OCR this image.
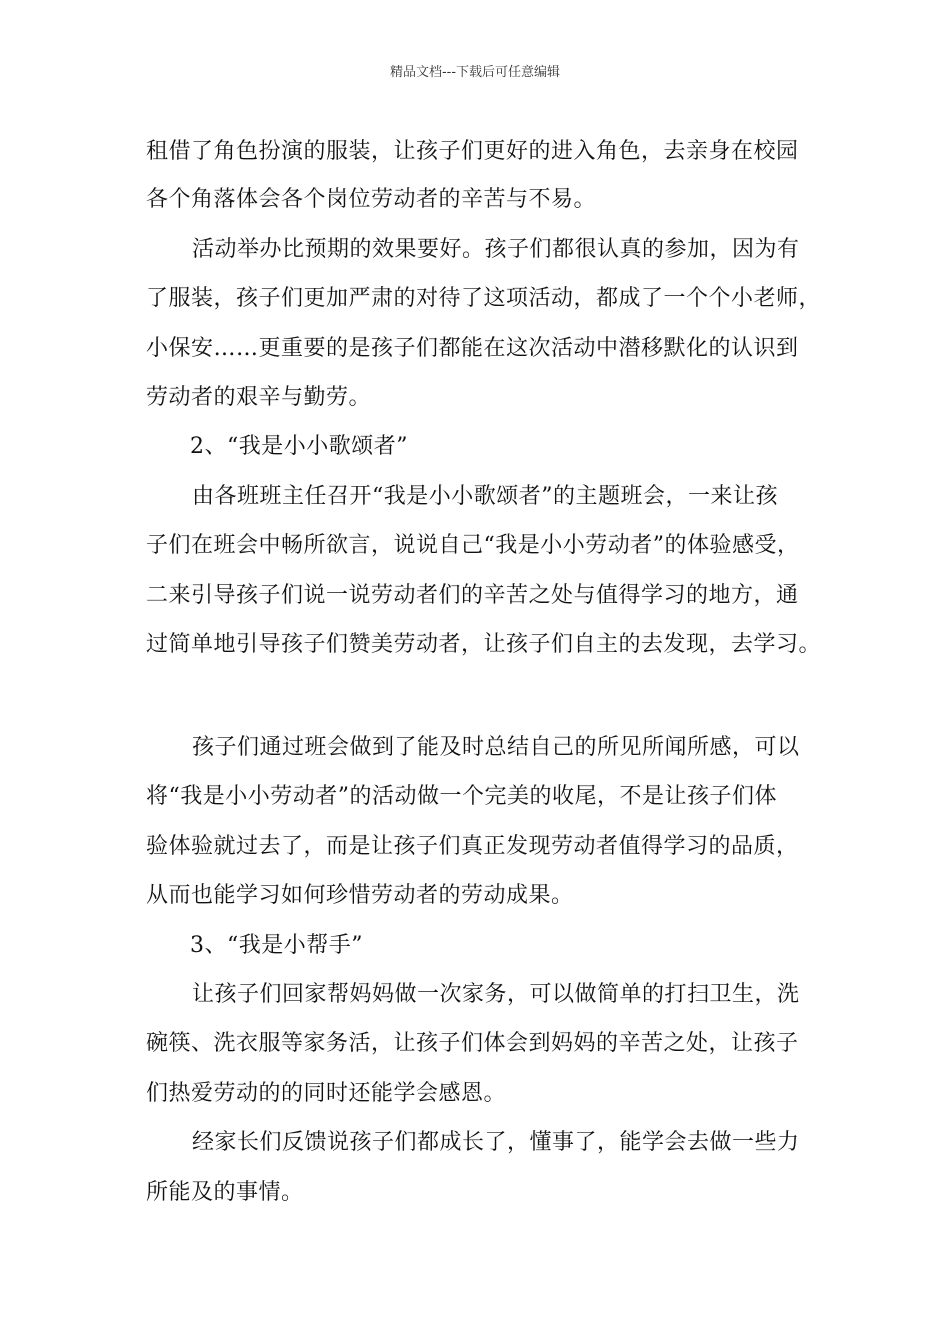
精品文档---下载后可任意编辑
租借了角色扮演的服装，让孩子们更好的进入角色，去亲身在校园
各个角落体会各个岗位劳动者的辛苦与不易。
活动举办比预期的效果要好。孩子们都很认真的参加，因为有
了服装，孩子们更加严肃的对待了这项活动，都成了一个个小老师，
小保安……更重要的是孩子们都能在这次活动中潜移默化的认识到
劳动者的艰辛与勤劳。
2、“我是小小歌颂者”
由各班班主任召开“我是小小歌颂者”的主题班会，一来让孩
子们在班会中畅所欲言，说说自己“我是小小劳动者”的体验感受，
二来引导孩子们说一说劳动者们的辛苦之处与值得学习的地方，通
过简单地引导孩子们赞美劳动者，让孩子们自主的去发现，去学习。
孩子们通过班会做到了能及时总结自己的所见所闻所感，可以
将“我是小小劳动者”的活动做一个完美的收尾，不是让孩子们体
验体验就过去了，而是让孩子们真正发现劳动者值得学习的品质，
从而也能学习如何珍惜劳动者的劳动成果。
3、“我是小帮手”
让孩子们回家帮妈妈做一次家务，可以做简单的打扫卫生，洗
碗筷、洗衣服等家务活，让孩子们体会到妈妈的辛苦之处，让孩子
们热爱劳动的的同时还能学会感恩。
经家长们反馈说孩子们都成长了，懂事了，能学会去做一些力
所能及的事情。
